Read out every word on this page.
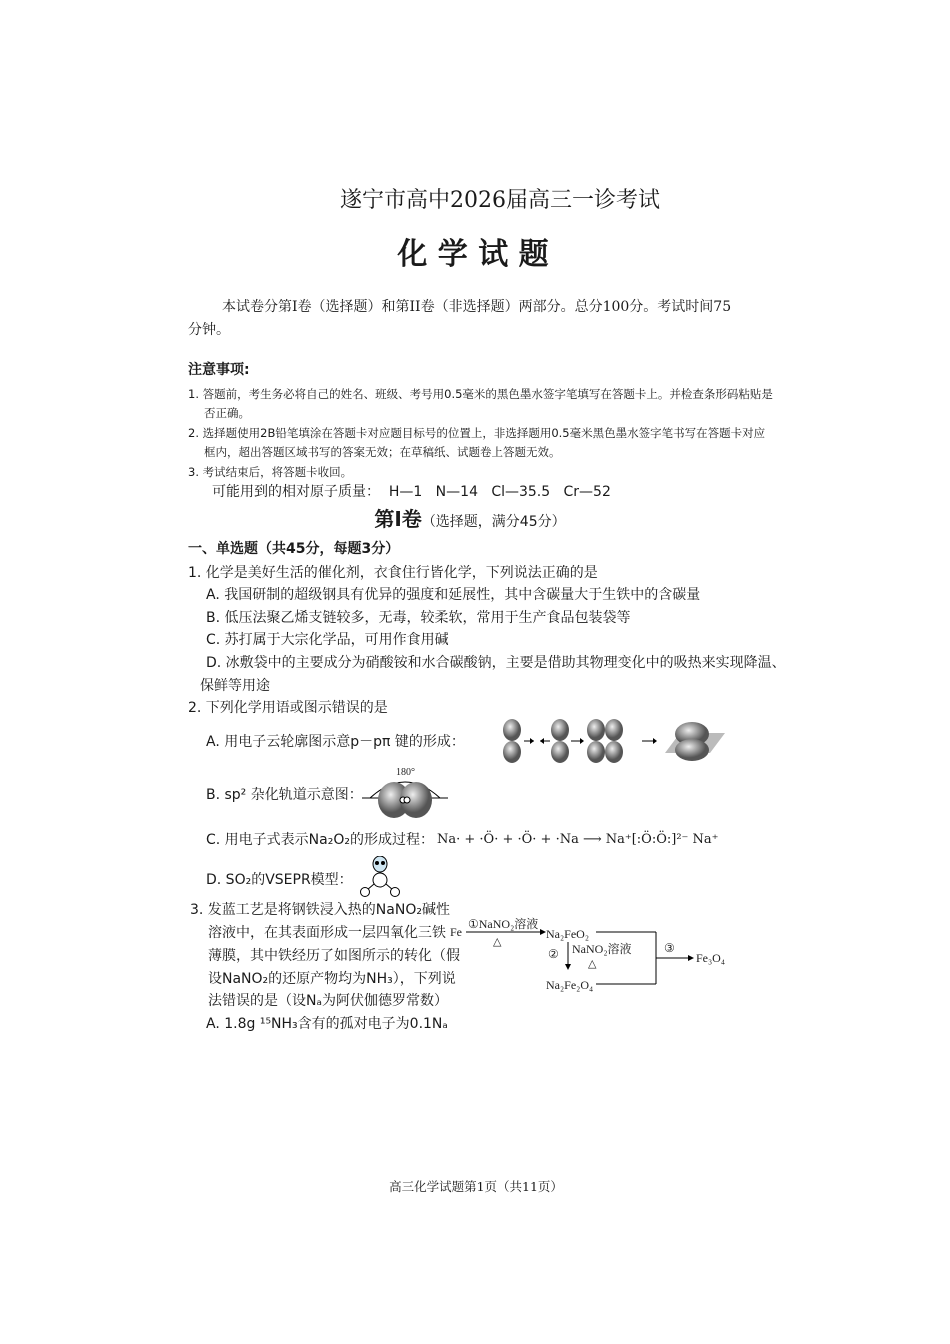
遂宁市高中2026届高三一诊考试
化 学 试 题
本试卷分第I卷（选择题）和第II卷（非选择题）两部分。总分100分。考试时间75
分钟。
注意事项:
1. 答题前，考生务必将自己的姓名、班级、考号用0.5毫米的黑色墨水签字笔填写在答题卡上。并检查条形码粘贴是
否正确。
2. 选择题使用2B铅笔填涂在答题卡对应题目标号的位置上，非选择题用0.5毫米黑色墨水签字笔书写在答题卡对应
框内，超出答题区域书写的答案无效；在草稿纸、试题卷上答题无效。
3. 考试结束后，将答题卡收回。
可能用到的相对原子质量：  H—1   N—14   Cl—35.5   Cr—52
第I卷（选择题，满分45分）
一、单选题（共45分，每题3分）
1. 化学是美好生活的催化剂，衣食住行皆化学，下列说法正确的是
A. 我国研制的超级钢具有优异的强度和延展性，其中含碳量大于生铁中的含碳量
B. 低压法聚乙烯支链较多，无毒，较柔软，常用于生产食品包装袋等
C. 苏打属于大宗化学品，可用作食用碱
D. 冰敷袋中的主要成分为硝酸铵和水合碳酸钠，主要是借助其物理变化中的吸热来实现降温、
保鲜等用途
2. 下列化学用语或图示错误的是
A. 用电子云轮廓图示意p－pπ 键的形成：
B. sp² 杂化轨道示意图：
180°
C. 用电子式表示Na₂O₂的形成过程： Na· + ·Ö· + ·Ö· + ·Na ⟶ Na⁺[:Ö:Ö:]²⁻ Na⁺
D. SO₂的VSEPR模型：
3. 发蓝工艺是将钢铁浸入热的NaNO₂碱性
溶液中，在其表面形成一层四氧化三铁
薄膜，其中铁经历了如图所示的转化（假
设NaNO₂的还原产物均为NH₃），下列说
法错误的是（设Nₐ为阿伏伽德罗常数）
A. 1.8g ¹⁵NH₃含有的孤对电子为0.1Nₐ
Fe
①NaNO₂溶液
△
Na₂FeO₂
② NaNO₂溶液
△
Na₂Fe₂O₄
③
Fe₃O₄
高三化学试题第1页（共11页）
